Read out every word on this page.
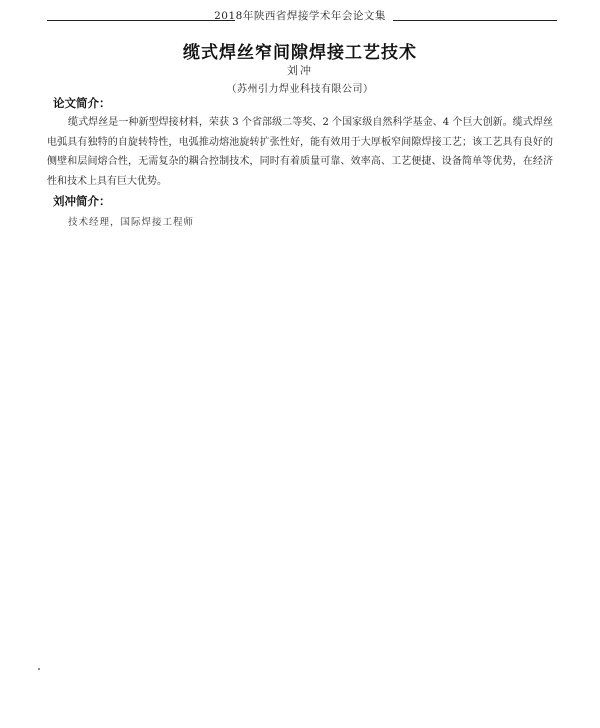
2018年陕西省焊接学术年会论文集
缆式焊丝窄间隙焊接工艺技术
刘冲
（苏州引力焊业科技有限公司）
论文简介：
缆式焊丝是一种新型焊接材料，荣获 3 个省部级二等奖、2 个国家级自然科学基金、4 个巨大创新。缆式焊丝电弧具有独特的自旋转特性，电弧推动熔池旋转扩张性好，能有效用于大厚板窄间隙焊接工艺；该工艺具有良好的侧壁和层间熔合性，无需复杂的耦合控制技术，同时有着质量可靠、效率高、工艺便捷、设备简单等优势，在经济性和技术上具有巨大优势。
刘冲简介：
技术经理，国际焊接工程师
